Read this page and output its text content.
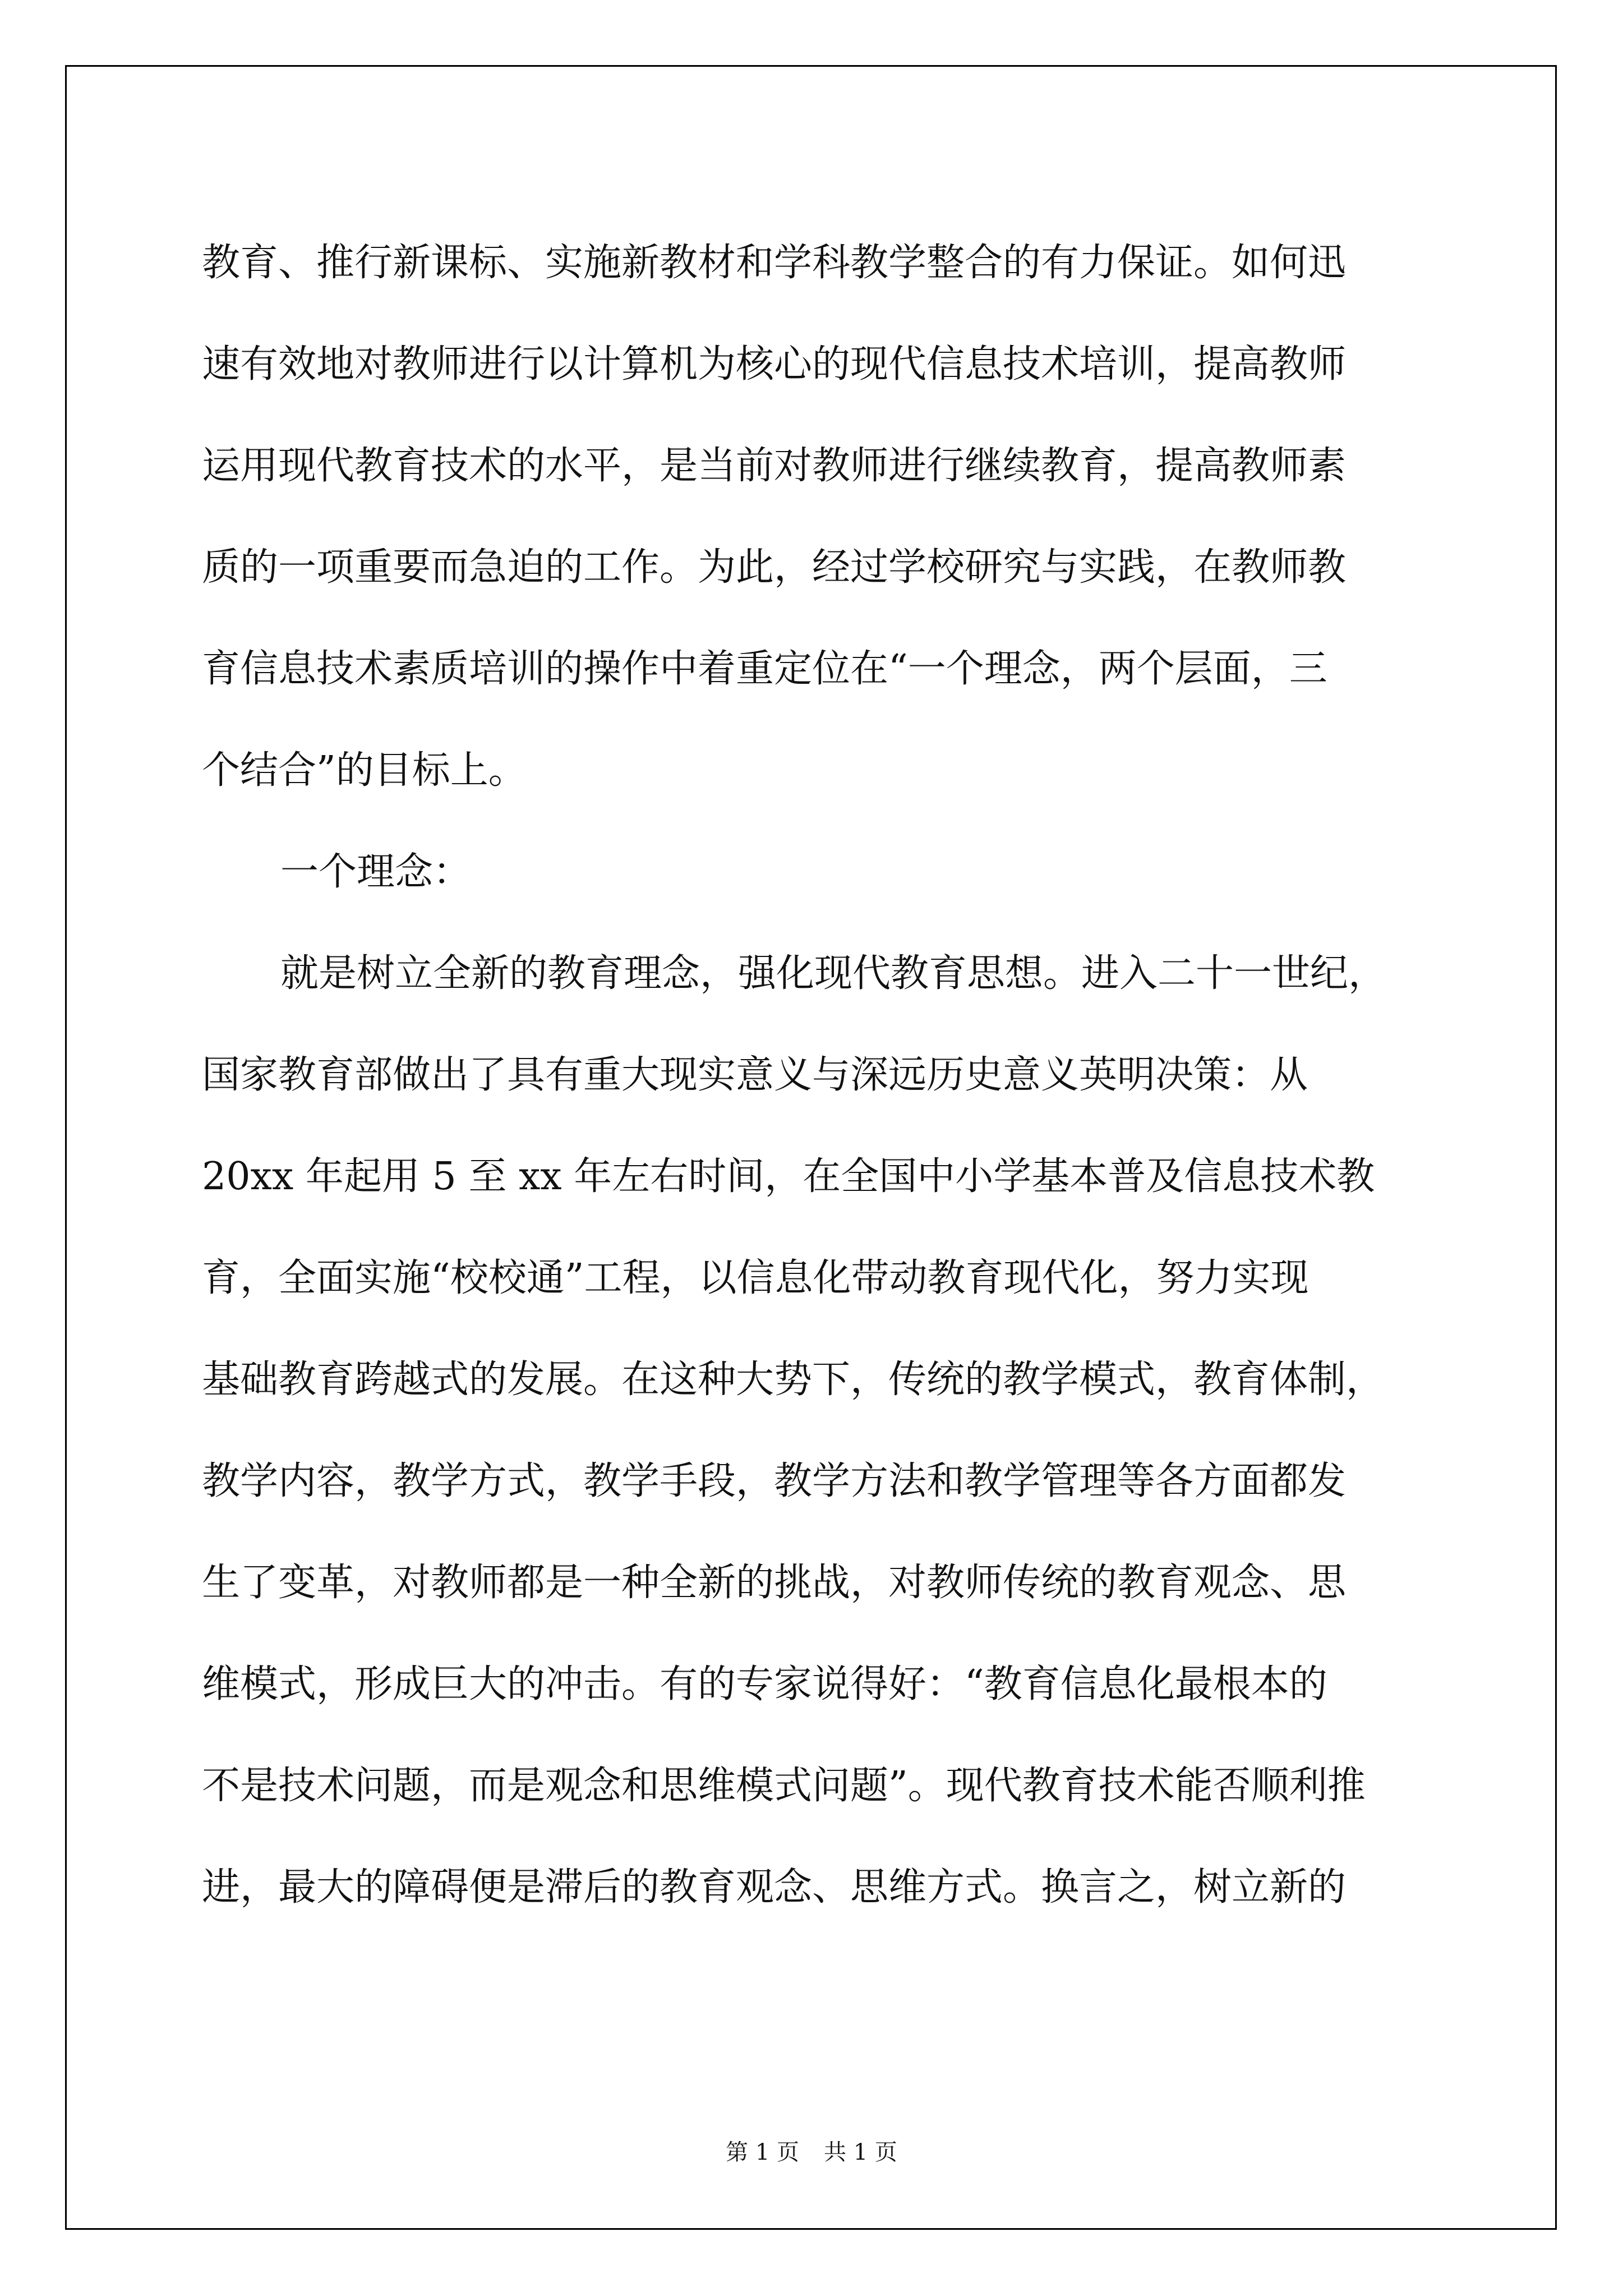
教育、推行新课标、实施新教材和学科教学整合的有力保证。如何迅
速有效地对教师进行以计算机为核心的现代信息技术培训，提高教师
运用现代教育技术的水平，是当前对教师进行继续教育，提高教师素
质的一项重要而急迫的工作。为此，经过学校研究与实践，在教师教
育信息技术素质培训的操作中着重定位在“一个理念，两个层面，三
个结合”的目标上。
一个理念：
就是树立全新的教育理念，强化现代教育思想。进入二十一世纪，
国家教育部做出了具有重大现实意义与深远历史意义英明决策：从
20xx 年起用 5 至 xx 年左右时间，在全国中小学基本普及信息技术教
育，全面实施“校校通”工程，以信息化带动教育现代化，努力实现
基础教育跨越式的发展。在这种大势下，传统的教学模式，教育体制，
教学内容，教学方式，教学手段，教学方法和教学管理等各方面都发
生了变革，对教师都是一种全新的挑战，对教师传统的教育观念、思
维模式，形成巨大的冲击。有的专家说得好：“教育信息化最根本的
不是技术问题，而是观念和思维模式问题”。现代教育技术能否顺利推
进，最大的障碍便是滞后的教育观念、思维方式。换言之，树立新的
第 1 页 共 1 页
